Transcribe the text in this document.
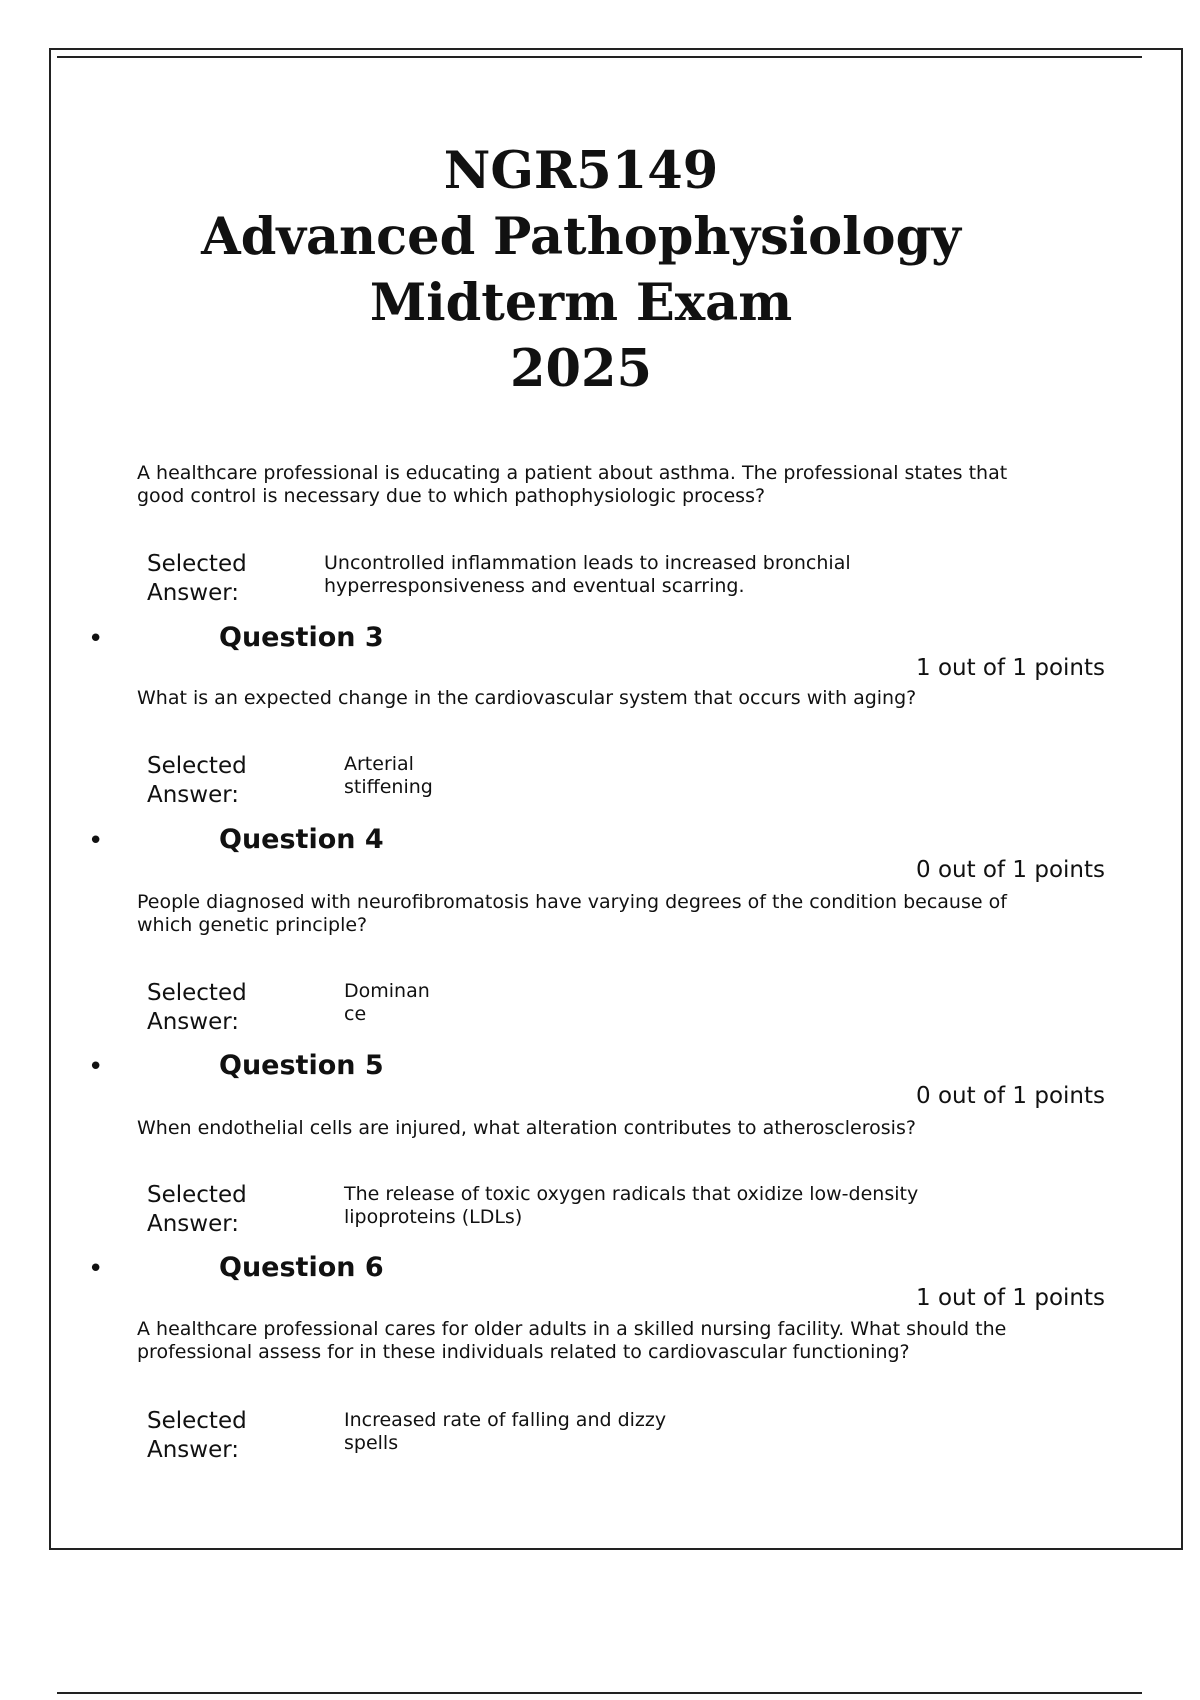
NGR5149
Advanced Pathophysiology
Midterm Exam
2025
A healthcare professional is educating a patient about asthma. The professional states that good control is necessary due to which pathophysiologic process?
Selected
Answer:
Uncontrolled inflammation leads to increased bronchial hyperresponsiveness and eventual scarring.
•	Question 3
1 out of 1 points
What is an expected change in the cardiovascular system that occurs with aging?
Selected
Answer:
Arterial stiffening
•	Question 4
0 out of 1 points
People diagnosed with neurofibromatosis have varying degrees of the condition because of which genetic principle?
Selected
Answer:
Dominance
•	Question 5
0 out of 1 points
When endothelial cells are injured, what alteration contributes to atherosclerosis?
Selected
Answer:
The release of toxic oxygen radicals that oxidize low-density lipoproteins (LDLs)
•	Question 6
1 out of 1 points
A healthcare professional cares for older adults in a skilled nursing facility. What should the professional assess for in these individuals related to cardiovascular functioning?
Selected
Answer:
Increased rate of falling and dizzy spells
